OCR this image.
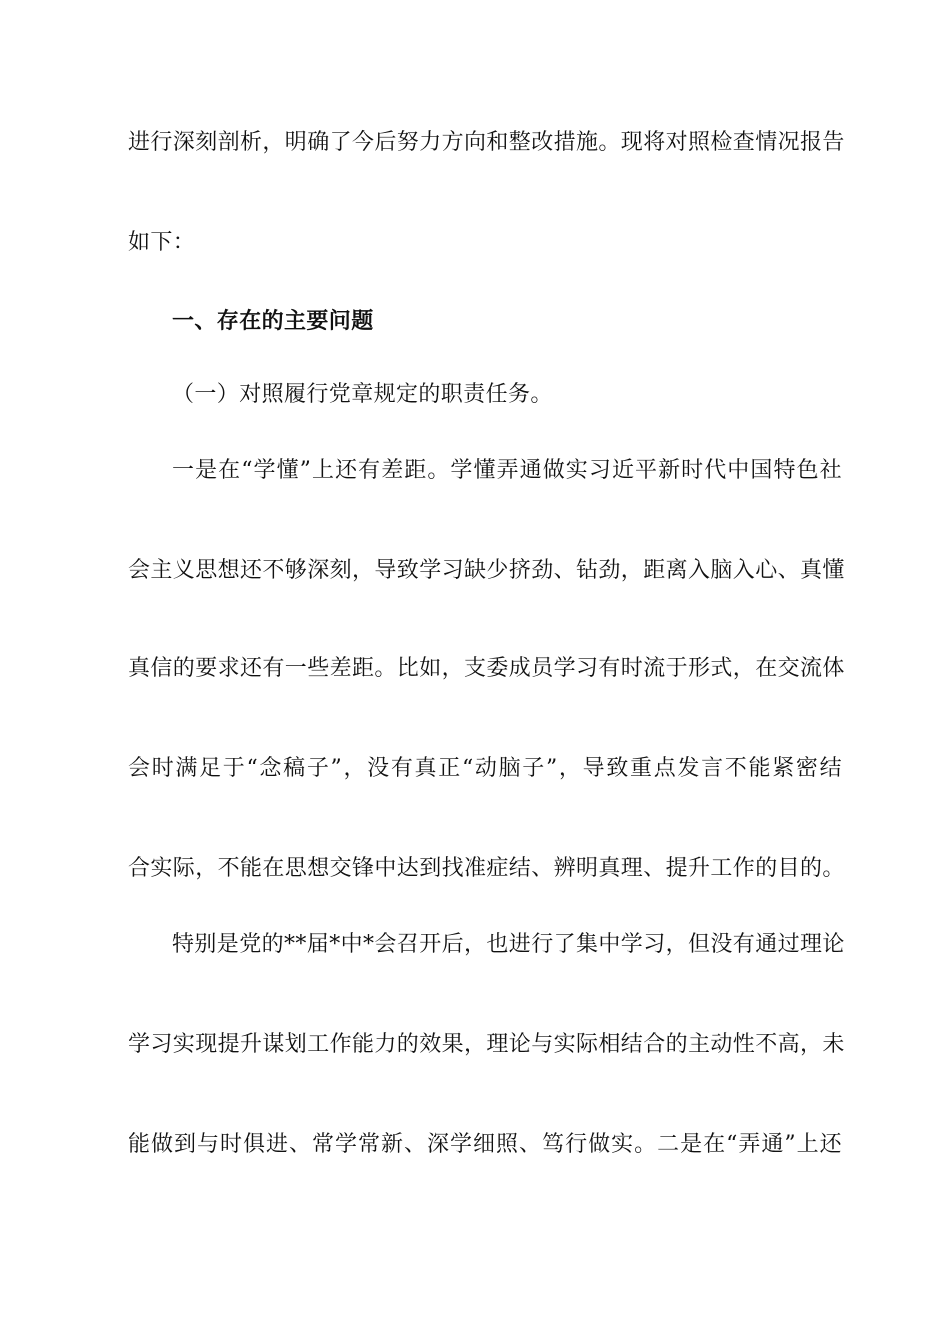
进行深刻剖析，明确了今后努力方向和整改措施。现将对照检查情况报告
如下：
一、存在的主要问题
（一）对照履行党章规定的职责任务。
一是在“学懂”上还有差距。学懂弄通做实习近平新时代中国特色社
会主义思想还不够深刻，导致学习缺少挤劲、钻劲，距离入脑入心、真懂
真信的要求还有一些差距。比如，支委成员学习有时流于形式，在交流体
会时满足于“念稿子”，没有真正“动脑子”，导致重点发言不能紧密结
合实际，不能在思想交锋中达到找准症结、辨明真理、提升工作的目的。
特别是党的**届*中*会召开后，也进行了集中学习，但没有通过理论
学习实现提升谋划工作能力的效果，理论与实际相结合的主动性不高，未
能做到与时俱进、常学常新、深学细照、笃行做实。二是在“弄通”上还
